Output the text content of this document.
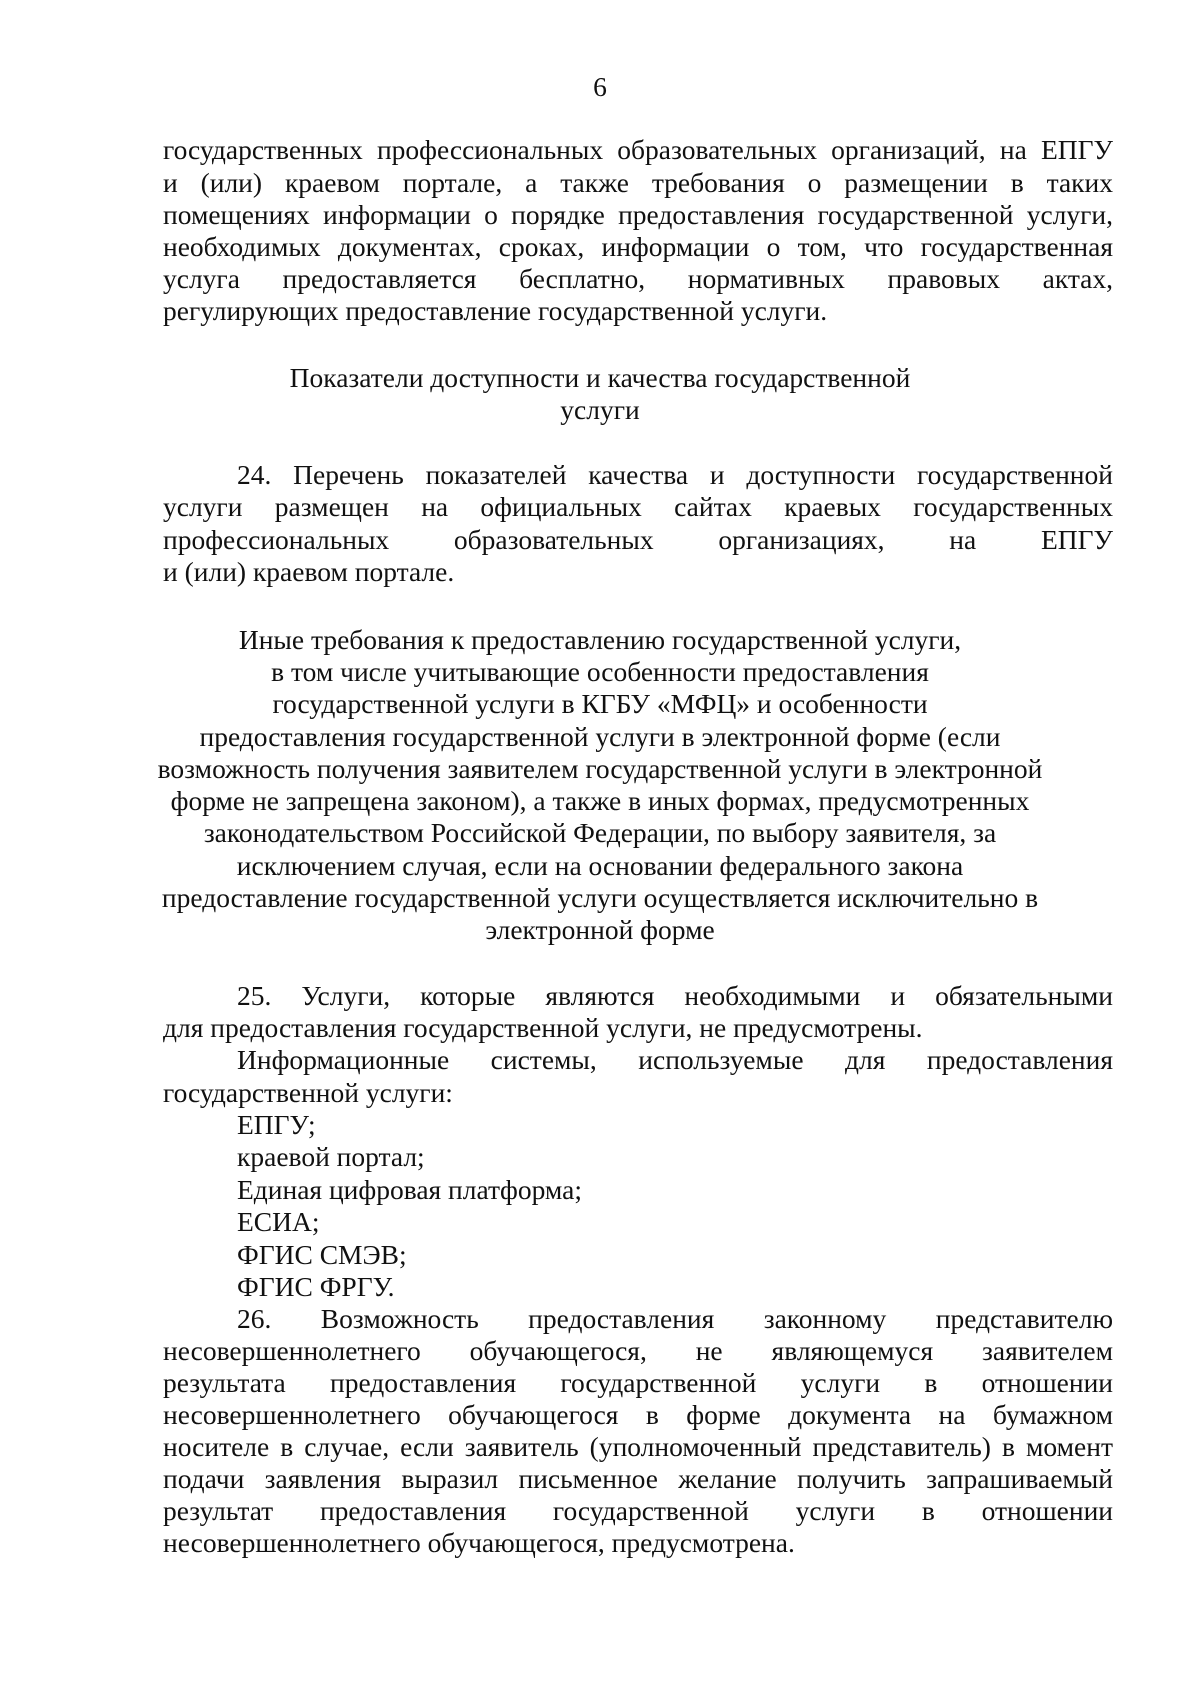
6
государственных профессиональных образовательных организаций, на ЕПГУ
и (или) краевом портале, а также требования о размещении в таких
помещениях информации о порядке предоставления государственной услуги,
необходимых документах, сроках, информации о том, что государственная
услуга предоставляется бесплатно, нормативных правовых актах,
регулирующих предоставление государственной услуги.
Показатели доступности и качества государственной
услуги
24. Перечень показателей качества и доступности государственной
услуги размещен на официальных сайтах краевых государственных
профессиональных образовательных организациях, на ЕПГУ
и (или) краевом портале.
Иные требования к предоставлению государственной услуги,
в том числе учитывающие особенности предоставления
государственной услуги в КГБУ «МФЦ» и особенности
предоставления государственной услуги в электронной форме (если
возможность получения заявителем государственной услуги в электронной
форме не запрещена законом), а также в иных формах, предусмотренных
законодательством Российской Федерации, по выбору заявителя, за
исключением случая, если на основании федерального закона
предоставление государственной услуги осуществляется исключительно в
электронной форме
25. Услуги, которые являются необходимыми и обязательными
для предоставления государственной услуги, не предусмотрены.
Информационные системы, используемые для предоставления
государственной услуги:
ЕПГУ;
краевой портал;
Единая цифровая платформа;
ЕСИА;
ФГИС СМЭВ;
ФГИС ФРГУ.
26. Возможность предоставления законному представителю
несовершеннолетнего обучающегося, не являющемуся заявителем
результата предоставления государственной услуги в отношении
несовершеннолетнего обучающегося в форме документа на бумажном
носителе в случае, если заявитель (уполномоченный представитель) в момент
подачи заявления выразил письменное желание получить запрашиваемый
результат предоставления государственной услуги в отношении
несовершеннолетнего обучающегося, предусмотрена.
